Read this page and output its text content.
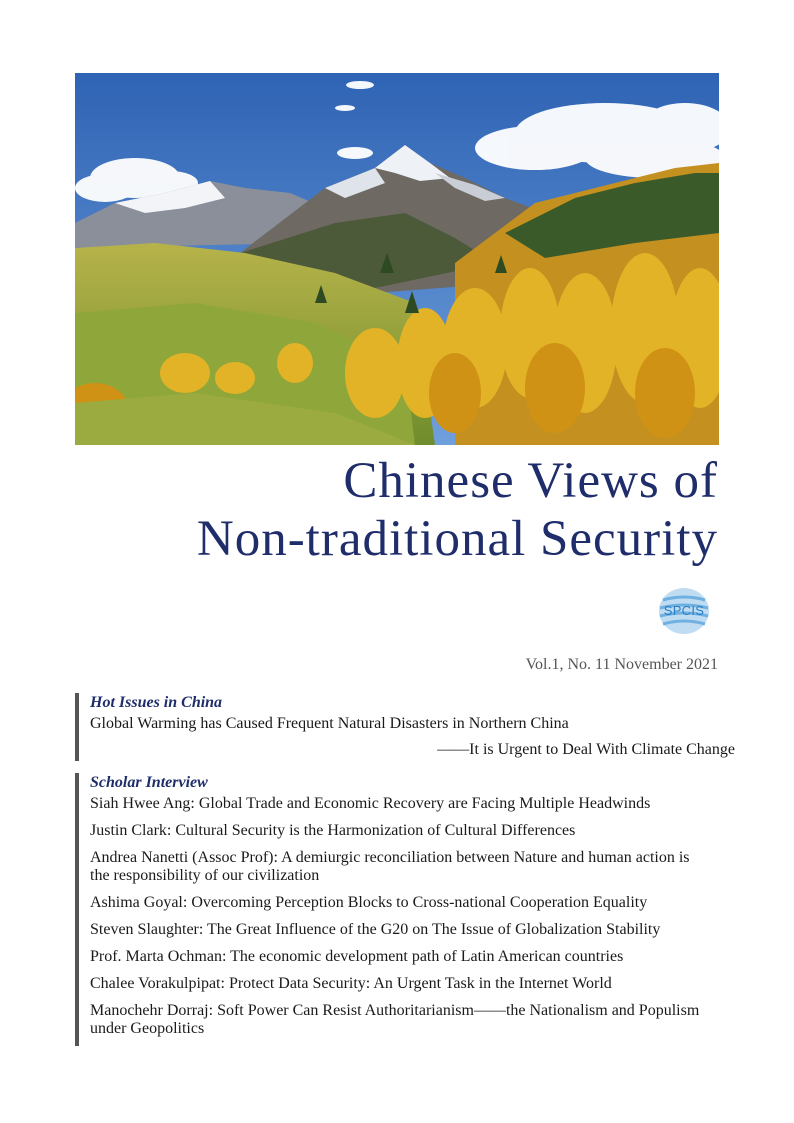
Chinese Views of
Non-traditional Security
SPCIS
Vol.1, No. 11 November 2021
Hot Issues in China
Global Warming has Caused Frequent Natural Disasters in Northern China
——It is Urgent to Deal With Climate Change
Scholar Interview
Siah Hwee Ang: Global Trade and Economic Recovery are Facing Multiple Headwinds
Justin Clark: Cultural Security is the Harmonization of Cultural Differences
Andrea Nanetti (Assoc Prof): A demiurgic reconciliation between Nature and human action is the responsibility of our civilization
Ashima Goyal: Overcoming Perception Blocks to Cross-national Cooperation Equality
Steven Slaughter: The Great Influence of the G20 on The Issue of Globalization Stability
Prof. Marta Ochman: The economic development path of Latin American countries
Chalee Vorakulpipat: Protect Data Security: An Urgent Task in the Internet World
Manochehr Dorraj: Soft Power Can Resist Authoritarianism——the Nationalism and Populism under Geopolitics
